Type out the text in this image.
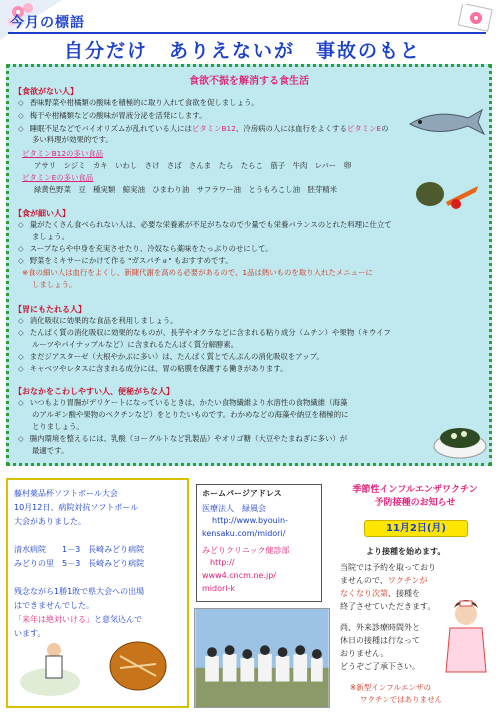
今月の標語
自分だけ　ありえないが　事故のもと
食欲不振を解消する食生活
【食欲がない人】
◇ 香味野菜や柑橘類の酸味を積極的に取り入れて食欲を促しましょう。
◇ 梅干や柑橘類などの酸味が胃液分泌を活発にします。
◇ 睡眠不足などでバイオリズムが乱れている人にはビタミンB12、冷房病の人には血行をよくするビタミンEの
多い料理が効果的です。
ビタミンB12の多い食品
アサリ　シジミ　カキ　いわし　さけ　さば　さんま　たら　たらこ　筋子　牛肉　レバー　卵
ビタミンEの多い食品
緑黄色野菜　豆　種実類　鯨実油　ひまわり油　サフラワー油　とうもろこし油　胚芽精米
【食が細い人】
◇ 量がたくさん食べられない人は、必要な栄養素が不足がちなので少量でも栄養バランスのとれた料理に仕立て
ましょう。
◇ スープならや中身を充実させたり、冷奴なら薬味をたっぷりのせにして。
◇ 野菜をミキサーにかけて作る "ガスパチョ" もおすすめです。
※食の細い人は血行をよくし、新陳代謝を高める必要があるので、1品は熱いものを取り入れたメニューに
しましょう。
【胃にもたれる人】
◇ 消化吸収に効果的な食品を利用しましょう。
◇ たんぱく質の消化吸収に効果的なものが、長芋やオクラなどに含まれる粘り成分（ムチン）や果物（キウイフ
ルーツやパイナップルなど）に含まれるたんぱく質分解酵素。
◇ まだジアスターゼ（大根やかぶに多い）は、たんぱく質とでんぷんの消化吸収をアップ。
◇ キャベツやレタスに含まれる成分には、胃の粘膜を保護する働きがあります。
【おなかをこわしやすい人、便秘がちな人】
◇ いつもより胃腸がデリケートになっているときは、かたい食物繊維より水溶性の食物繊維（海藻
のアルギン酸や果物のペクチンなど）をとりたいものです。わかめなどの海藻や納豆を積極的に
とりましょう。
◇ 腸内環境を整えるには、乳酸（ヨーグルトなど乳製品）やオリゴ糖（大豆やたまねぎに多い）が
最適です。
藤村薬品杯ソフトボール大会
10月12日、病院対抗ソフトボール
大会がありました。
清水病院　　1－3　長崎みどり病院
みどりの里　5－3　長崎みどり病院
残念ながら1勝1敗で県大会への出場
はできませんでした。
「来年は絶対いける」と意気込んで
います。
ホームパージアドレス
医療法人　緑風会
http://www.byouin-
kensaku.com/midori/
みどりクリニック健診部
http://
www4.cncm.ne.jp/
midori-k
季節性インフルエンザワクチン
予防接種のお知らせ
11月2日(月)
より接種を始めます。
当院では予約を取っており
ませんので、ワクチンが
なくなり次第、接種を
終了させていただきます。
尚、外来診療時間外と
休日の接種は行なって
おりません。
どうぞご了承下さい。
※新型インフルエンザの
ワクチンではありません
